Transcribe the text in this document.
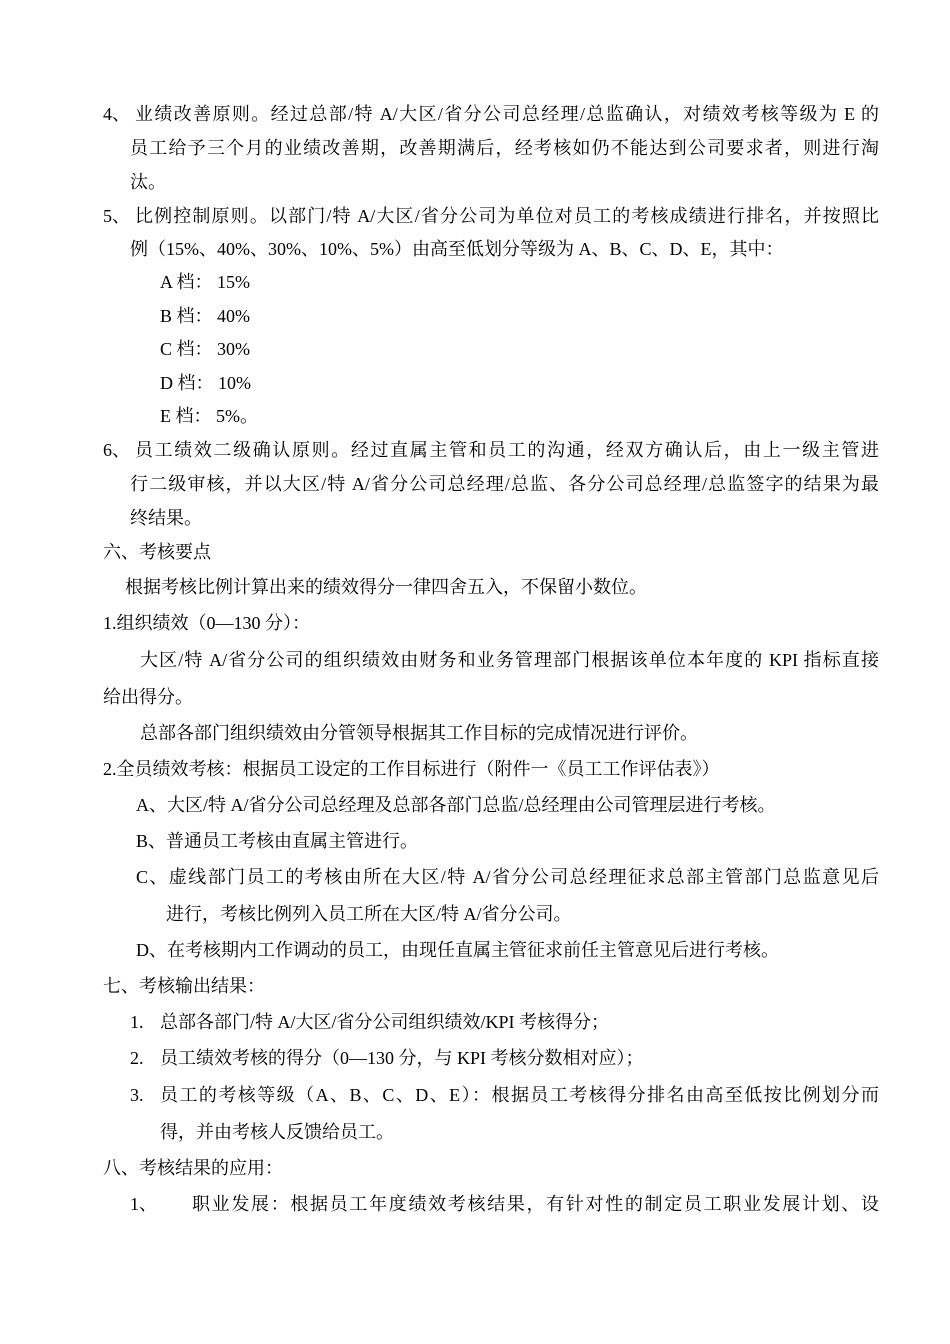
4、 业绩改善原则。经过总部/特 A/大区/省分公司总经理/总监确认，对绩效考核等级为 E 的
员工给予三个月的业绩改善期，改善期满后，经考核如仍不能达到公司要求者，则进行淘
汰。
5、 比例控制原则。以部门/特 A/大区/省分公司为单位对员工的考核成绩进行排名，并按照比
例（15%、40%、30%、10%、5%）由高至低划分等级为 A、B、C、D、E，其中：
A 档： 15%
B 档： 40%
C 档： 30%
D 档： 10%
E 档： 5%。
6、 员工绩效二级确认原则。经过直属主管和员工的沟通，经双方确认后，由上一级主管进
行二级审核，并以大区/特 A/省分公司总经理/总监、各分公司总经理/总监签字的结果为最
终结果。
六、考核要点
根据考核比例计算出来的绩效得分一律四舍五入，不保留小数位。
1.组织绩效（0—130 分）：
大区/特 A/省分公司的组织绩效由财务和业务管理部门根据该单位本年度的 KPI 指标直接
给出得分。
总部各部门组织绩效由分管领导根据其工作目标的完成情况进行评价。
2.全员绩效考核：根据员工设定的工作目标进行（附件一《员工工作评估表》）
A、大区/特 A/省分公司总经理及总部各部门总监/总经理由公司管理层进行考核。
B、普通员工考核由直属主管进行。
C、虚线部门员工的考核由所在大区/特 A/省分公司总经理征求总部主管部门总监意见后
进行，考核比例列入员工所在大区/特 A/省分公司。
D、在考核期内工作调动的员工，由现任直属主管征求前任主管意见后进行考核。
七、考核输出结果：
1. 总部各部门/特 A/大区/省分公司组织绩效/KPI 考核得分；
2. 员工绩效考核的得分（0—130 分，与 KPI 考核分数相对应）；
3. 员工的考核等级（A、B、C、D、E）：根据员工考核得分排名由高至低按比例划分而
得，并由考核人反馈给员工。
八、考核结果的应用：
1、 职业发展：根据员工年度绩效考核结果，有针对性的制定员工职业发展计划、设
